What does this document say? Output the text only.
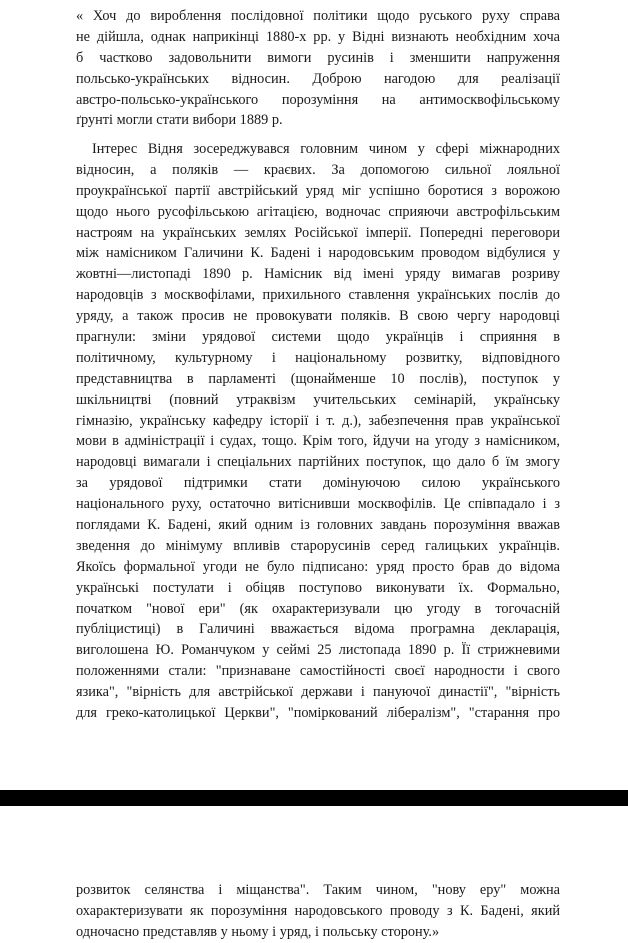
« Хоч до вироблення послідовної політики щодо руського руху справа
не дійшла, однак наприкінці 1880-х рр. у Відні визнають необхідним хоча
б частково задовольнити вимоги русинів і зменшити напруження
польсько-українських відносин. Доброю нагодою для реалізації
австро-польсько-українського порозуміння на антимосквофільському
ґрунті могли стати вибори 1889 р.
Інтерес Відня зосереджувався головним чином у сфері міжнародних
відносин, а поляків — краєвих. За допомогою сильної лояльної
проукраїнської партії австрійський уряд міг успішно боротися з ворожою
щодо нього русофільською агітацією, водночас сприяючи австрофільським
настроям на українських землях Російської імперії. Попередні переговори
між намісником Галичини К. Бадені і народовським проводом відбулися у
жовтні—листопаді 1890 р. Намісник від імені уряду вимагав розриву
народовців з москвофілами, прихильного ставлення українських послів до
уряду, а також просив не провокувати поляків. В свою чергу народовці
прагнули: зміни урядової системи щодо українців і сприяння в
політичному, культурному і національному розвитку, відповідного
представництва в парламенті (щонайменше 10 послів), поступок у
шкільництві (повний утраквізм учительських семінарій, українську
гімназію, українську кафедру історії і т. д.), забезпечення прав української
мови в адміністрації і судах, тощо. Крім того, йдучи на угоду з намісником,
народовці вимагали і спеціальних партійних поступок, що дало б їм змогу
за урядової підтримки стати домінуючою силою українського
національного руху, остаточно витіснивши москвофілів. Це співпадало і з
поглядами К. Бадені, який одним із головних завдань порозуміння вважав
зведення до мінімуму впливів старорусинів серед галицьких українців.
Якоїсь формальної угоди не було підписано: уряд просто брав до відома
українські постулати і обіцяв поступово виконувати їх. Формально,
початком "нової ери" (як охарактеризували цю угоду в тогочасній
публіцистиці) в Галичині вважається відома програмна декларація,
виголошена Ю. Романчуком у сеймі 25 листопада 1890 р. Її стрижневими
положеннями стали: "признаване самостійності своєї народности і свого
язика", "вірність для австрійської держави і пануючої династії", "вірність
для греко-католицької Церкви", "поміркований лібералізм", "старання про
розвиток селянства і міщанства". Таким чином, "нову еру" можна
охарактеризувати як порозуміння народовського проводу з К. Бадені, який
одночасно представляв у ньому і уряд, і польську сторону.»
